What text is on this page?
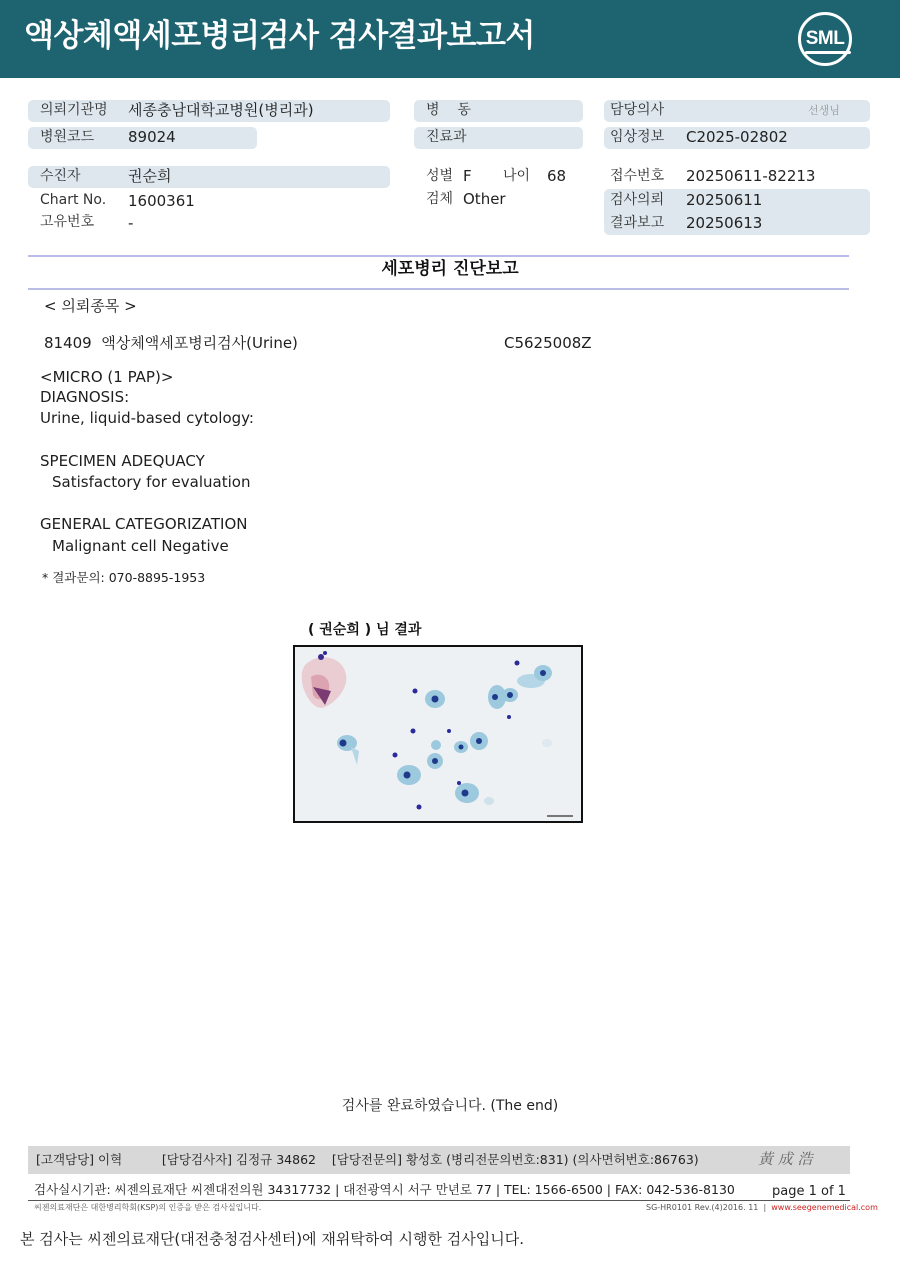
액상체액세포병리검사 검사결과보고서	SML
의뢰기관명 세종충남대학교병원(병리과)
병원코드 89024
수진자	권순희
Chart No. 1600361
고유번호 -
병    동
진료과
성별 F 나이 68
검체 Other
담당의사	선생님
임상정보 C2025-02802
접수번호 20250611-82213
검사의뢰 20250611
결과보고 20250613
세포병리 진단보고
< 의뢰종목 >
81409  액상체액세포병리검사(Urine)	C5625008Z
<MICRO (1 PAP)>
DIAGNOSIS:
Urine, liquid-based cytology:
SPECIMEN ADEQUACY
Satisfactory for evaluation
GENERAL CATEGORIZATION
Malignant cell Negative
* 결과문의: 070-8895-1953
( 권순희 ) 님 결과
검사를 완료하였습니다. (The end)
[고객담당] 이혁          [담당검사자] 김정규 34862    [담당전문의] 황성호 (병리전문의번호:831) (의사면허번호:86763)	黃 成 浩
검사실시기관: 씨젠의료재단 씨젠대전의원 34317732 | 대전광역시 서구 만년로 77 | TEL: 1566-6500 | FAX: 042-536-8130	page 1 of 1
씨젠의료재단은 대한병리학회(KSP)의 인증을 받은 검사실입니다.	SG-HR0101 Rev.(4)2016. 11  |  www.seegenemedical.com
본 검사는 씨젠의료재단(대전충청검사센터)에 재위탁하여 시행한 검사입니다.
